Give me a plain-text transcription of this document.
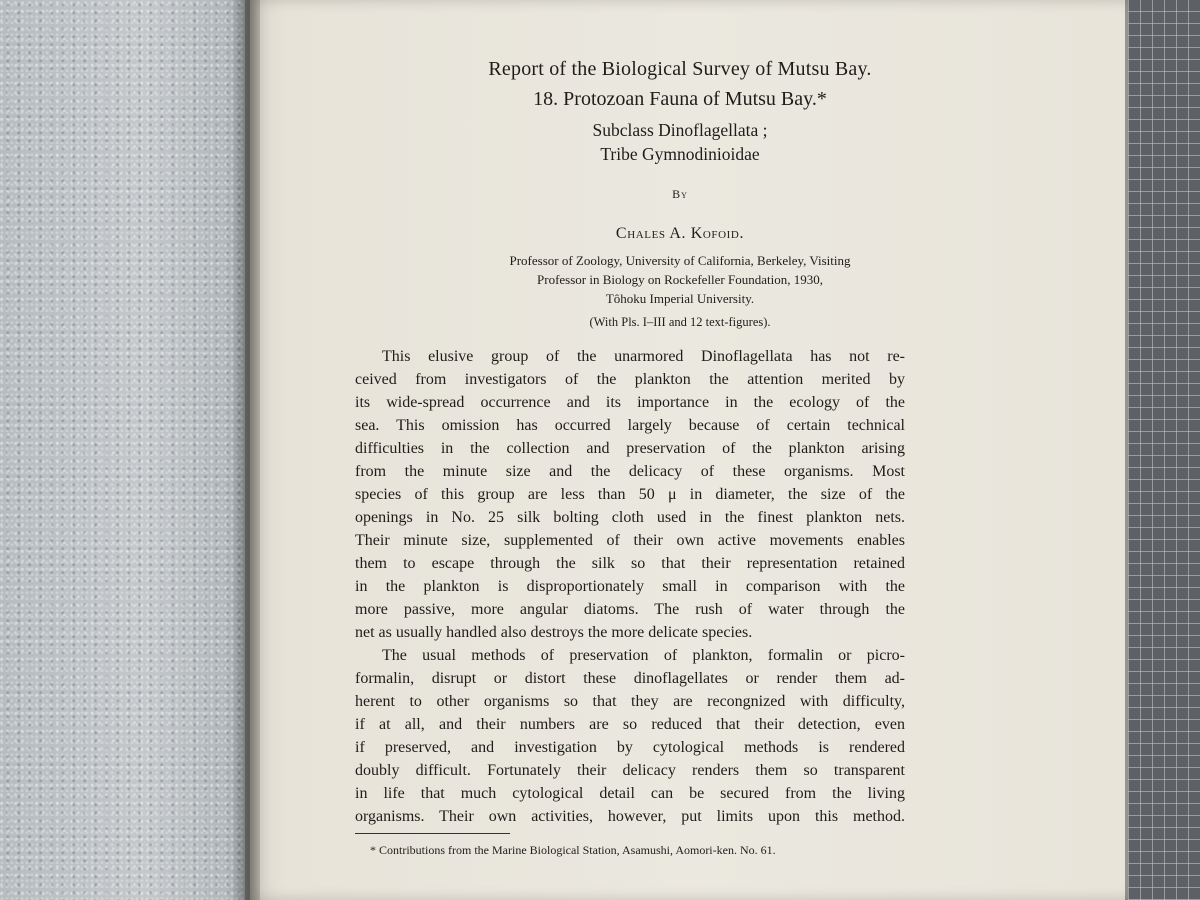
Report of the Biological Survey of Mutsu Bay.
18. Protozoan Fauna of Mutsu Bay.*
Subclass Dinoflagellata ;
Tribe Gymnodinioidae
By
Chales A. Kofoid.
Professor of Zoology, University of California, Berkeley, Visiting
Professor in Biology on Rockefeller Foundation, 1930,
Tôhoku Imperial University.
(With Pls. I–III and 12 text-figures).
This elusive group of the unarmored Dinoflagellata has not re-
ceived from investigators of the plankton the attention merited by
its wide-spread occurrence and its importance in the ecology of the
sea. This omission has occurred largely because of certain technical
difficulties in the collection and preservation of the plankton arising
from the minute size and the delicacy of these organisms. Most
species of this group are less than 50 μ in diameter, the size of the
openings in No. 25 silk bolting cloth used in the finest plankton nets.
Their minute size, supplemented of their own active movements enables
them to escape through the silk so that their representation retained
in the plankton is disproportionately small in comparison with the
more passive, more angular diatoms. The rush of water through the
net as usually handled also destroys the more delicate species.
The usual methods of preservation of plankton, formalin or picro-
formalin, disrupt or distort these dinoflagellates or render them ad-
herent to other organisms so that they are recongnized with difficulty,
if at all, and their numbers are so reduced that their detection, even
if preserved, and investigation by cytological methods is rendered
doubly difficult. Fortunately their delicacy renders them so transparent
in life that much cytological detail can be secured from the living
organisms. Their own activities, however, put limits upon this method.
* Contributions from the Marine Biological Station, Asamushi, Aomori-ken. No. 61.
